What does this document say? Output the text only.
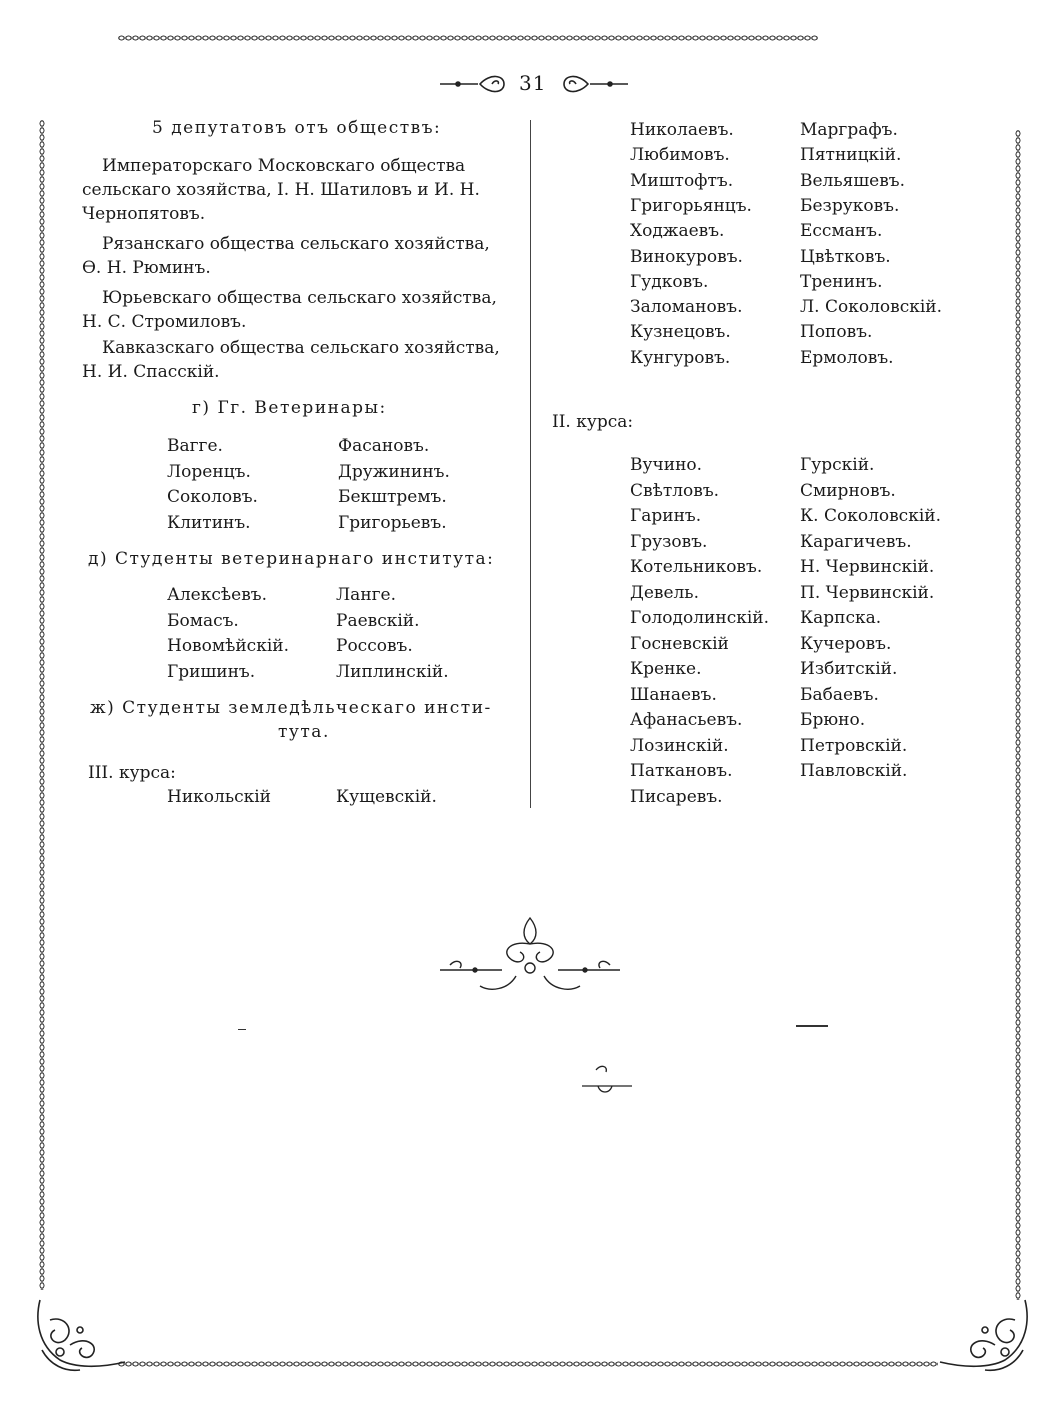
31
5 депутатовъ отъ обществъ:
Императорскаго Московскаго общества
сельскаго хозяйства, I. Н. Шатиловъ и И. Н.
Чернопятовъ.
Рязанскаго общества сельскаго хозяйства,
Ѳ. Н. Рюминъ.
Юрьевскаго общества сельскаго хозяйства,
Н. С. Стромиловъ.
Кавказскаго общества сельскаго хозяйства,
Н. И. Спасскій.
г) Гг. Ветеринары:
Вагге.	Фасановъ.
Лоренцъ.	Дружининъ.
Соколовъ.	Бекштремъ.
Клитинъ.	Григорьевъ.
д) Студенты ветеринарнаго института:
Алексѣевъ.	Ланге.
Бомасъ.	Раевскій.
Новомѣйскій.	Россовъ.
Гришинъ.	Липлинскій.
ж) Студенты земледѣльческаго инсти-
тута.
III. курса:
Никольскій	Кущевскій.
Николаевъ.	Марграфъ.
Любимовъ.	Пятницкій.
Миштофтъ.	Вельяшевъ.
Григорьянцъ.	Безруковъ.
Ходжаевъ.	Ессманъ.
Винокуровъ.	Цвѣтковъ.
Гудковъ.	Тренинъ.
Заломановъ.	Л. Соколовскій.
Кузнецовъ.	Поповъ.
Кунгуровъ.	Ермоловъ.
II. курса:
Вучино.	Гурскій.
Свѣтловъ.	Смирновъ.
Гаринъ.	К. Соколовскій.
Грузовъ.	Карагичевъ.
Котельниковъ. Н. Червинскій.
Девель.	П. Червинскій.
Голодолинскій. Карпска.
Госневскій	Кучеровъ.
Кренке.	Избитскій.
Шанаевъ.	Бабаевъ.
Афанасьевъ.	Брюно.
Лозинскій.	Петровскій.
Паткановъ.	Павловскій.
Писаревъ.
